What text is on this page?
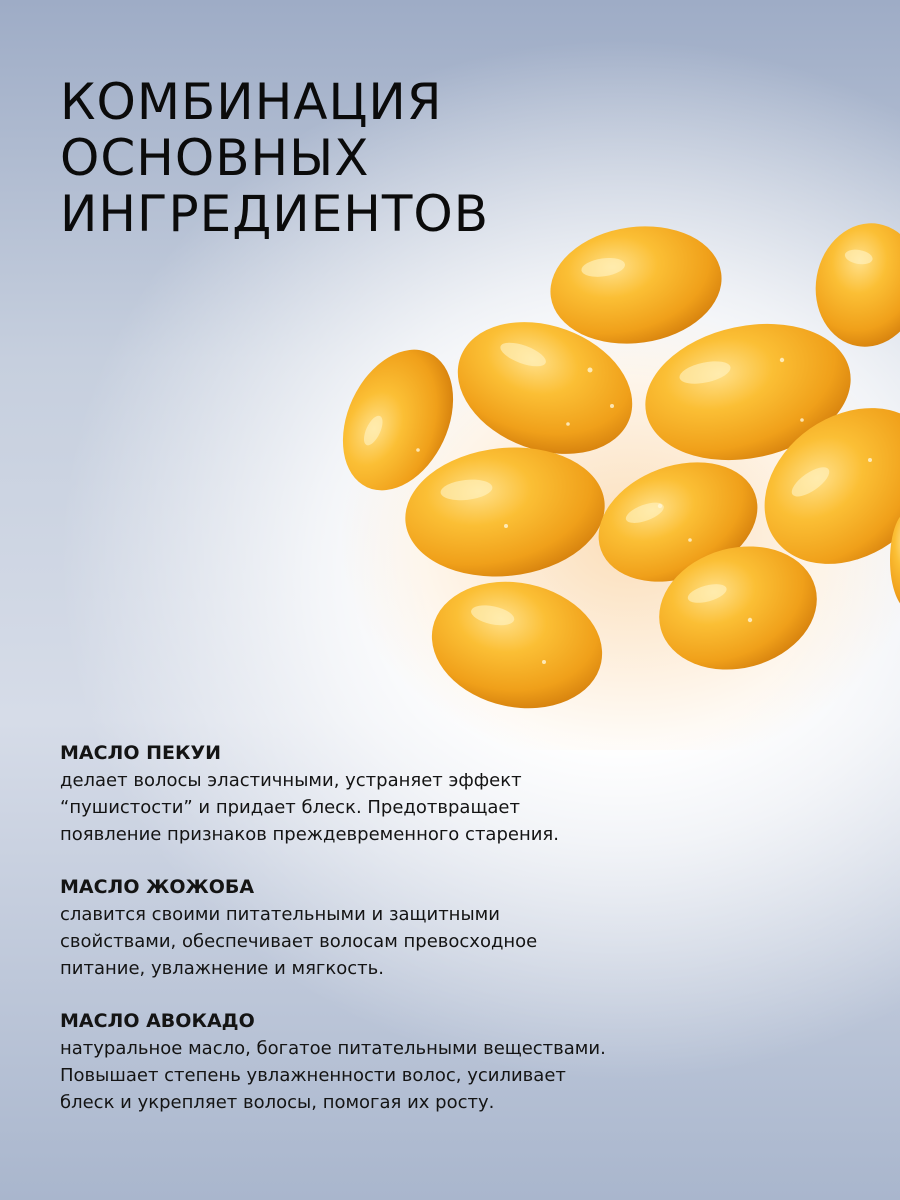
КОМБИНАЦИЯ
ОСНОВНЫХ
ИНГРЕДИЕНТОВ

МАСЛО ПЕКУИ

делает волосы эластичными, устраняет эффект
“пушистости” и придает блеск. Предотвращает
появление признаков преждевременного старения.

МАСЛО ЖОЖОБА

славится своими питательными и защитными
свойствами, обеспечивает волосам превосходное
питание, увлажнение и мягкость.

МАСЛО АВОКАДО

натуральное масло, богатое питательными веществами.
Повышает степень увлажненности волос, усиливает
блеск и укрепляет волосы, помогая их росту.
